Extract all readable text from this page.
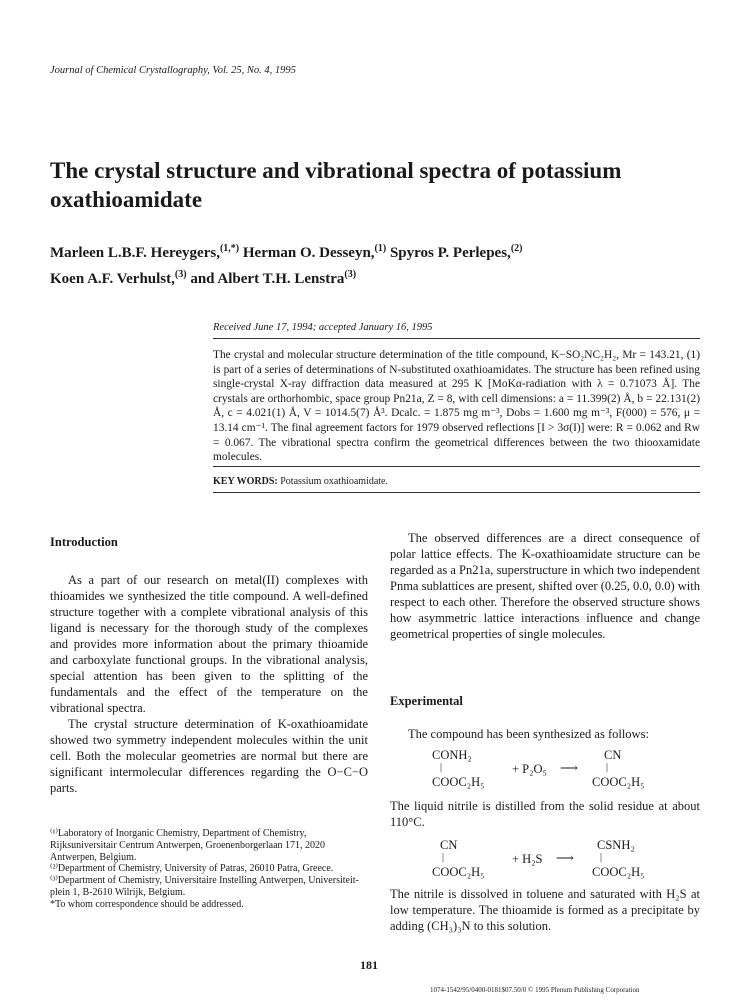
Journal of Chemical Crystallography, Vol. 25, No. 4, 1995
The crystal structure and vibrational spectra of potassium oxathioamidate
Marleen L.B.F. Hereygers,$^{(1,*)}$ Herman O. Desseyn,$^{(1)}$ Spyros P. Perlepes,$^{(2)}$
Koen A.F. Verhulst,$^{(3)}$ and Albert T.H. Lenstra$^{(3)}$
Received June 17, 1994; accepted January 16, 1995
The crystal and molecular structure determination of the title compound, K−SO₂NC₂H₂, Mr = 143.21, (1) is part of a series of determinations of N-substituted oxathioamidates. The structure has been refined using single-crystal X-ray diffraction data measured at 295 K [MoKα-radiation with λ = 0.71073 Å]. The crystals are orthorhombic, space group Pn21a, Z = 8, with cell dimensions: a = 11.399(2) Å, b = 22.131(2) Å, c = 4.021(1) Å, V = 1014.5(7) Å³. Dcalc. = 1.875 mg m⁻³, Dobs = 1.600 mg m⁻³, F(000) = 576, μ = 13.14 cm⁻¹. The final agreement factors for 1979 observed reflections [I > 3σ(I)] were: R = 0.062 and Rw = 0.067. The vibrational spectra confirm the geometrical differences between the two thiooxamidate molecules.
KEY WORDS: Potassium oxathioamidate.
Introduction

As a part of our research on metal(II) complexes with thioamides we synthesized the title compound. A well-defined structure together with a complete vibrational analysis of this ligand is necessary for the thorough study of the complexes and provides more information about the primary thioamide and carboxylate functional groups. In the vibrational analysis, special attention has been given to the splitting of the fundamentals and the effect of the temperature on the vibrational spectra.

The crystal structure determination of K-oxathioamidate showed two symmetry independent molecules within the unit cell. Both the molecular geometries are normal but there are significant intermolecular differences regarding the O−C−O parts.

⁽¹⁾Laboratory of Inorganic Chemistry, Department of Chemistry, Rijksuniversitair Centrum Antwerpen, Groenenborgerlaan 171, 2020 Antwerpen, Belgium.
⁽²⁾Department of Chemistry, University of Patras, 26010 Patra, Greece.
⁽³⁾Department of Chemistry, Universitaire Instelling Antwerpen, Universiteit-plein 1, B-2610 Wilrijk, Belgium.
*To whom correspondence should be addressed.

The observed differences are a direct consequence of polar lattice effects. The K-oxathioamidate structure can be regarded as a Pn21a, superstructure in which two independent Pnma sublattices are present, shifted over (0.25, 0.0, 0.0) with respect to each other. Therefore the observed structure shows how asymmetric lattice interactions influence and change geometrical properties of single molecules.

Experimental

The compound has been synthesized as follows:

CONH₂
|
COOC₂H₅
+ P₂O₅ ⟶
CN
|
COOC₂H₅

The liquid nitrile is distilled from the solid residue at about 110°C.

CN
|
COOC₂H₅
+ H₂S ⟶
CSNH₂
|
COOC₂H₅

The nitrile is dissolved in toluene and saturated with H₂S at low temperature. The thioamide is formed as a precipitate by adding (CH₃)₃N to this solution.

181
1074-1542/95/0400-0181$07.50/0 © 1995 Plenum Publishing Corporation
